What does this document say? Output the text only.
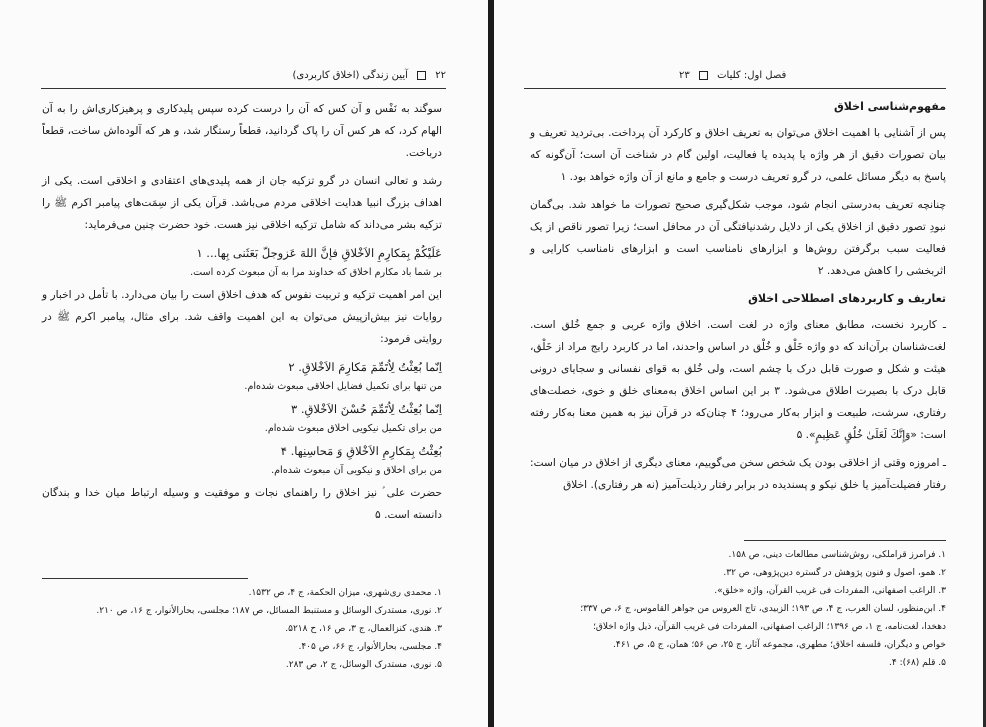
۲۲  آیین زندگی (اخلاق کاربردی)

سوگند به نَفْس و آن کس که آن را درست کرده سپس پلیدکاری و پرهیزکاری‌اش را به آن الهام کرد، که هر کس آن را پاک گردانید، قطعاً رستگار شد، و هر که آلوده‌اش ساخت، قطعاً درباخت.

رشد و تعالی انسان در گرو تزکیه جان از همه پلیدی‌های اعتقادی و اخلاقی است. یکی از اهداف بزرگ انبیا هدایت اخلاقی مردم می‌باشد. قرآن یکی از سِمَت‌های پیامبر اکرم ﷺ را تزکیه بشر می‌داند که شامل تزکیه اخلاقی نیز هست. خود حضرت چنین می‌فرماید:

عَلَیْکُمْ بِمَکارِمِ الاَخْلاقِ فإنَّ اللهَ عَزوجلّ بَعَثَنی بِها... ۱

بر شما باد مکارم اخلاق که خداوند مرا به آن مبعوث کرده است.

این امر اهمیت تزکیه و تربیت نفوس که هدف اخلاق است را بیان می‌دارد. با تأمل در اخبار و روایات نیز بیش‌ازپیش می‌توان به این اهمیت واقف شد. برای مثال، پیامبر اکرم ﷺ در روایتی فرمود:

اِنّما بُعِثْتُ لِاُتَمِّمَ مَکارِمَ الاَخْلاقِ. ۲

من تنها برای تکمیل فضایل اخلاقی مبعوث شده‌ام.

اِنّما بُعِثْتُ لِاُتَمِّمَ حُسْنَ الاَخْلاقِ. ۳

من برای تکمیل نیکویی اخلاق مبعوث شده‌ام.

بُعِثْتُ بِمَکارِمِ الاَخْلاقِ وَ مَحاسِنِها. ۴

من برای اخلاق و نیکویی آن مبعوث شده‌ام.

حضرت علی ؑ نیز اخلاق را راهنمای نجات و موفقیت و وسیله ارتباط میان خدا و بندگان دانسته است. ۵

۱. محمدی ری‌شهری، میزان الحکمة، ج ۴، ص ۱۵۳۲.
۲. نوری، مستدرک الوسائل و مستنبط المسائل، ص ۱۸۷؛ مجلسی، بحارالأنوار، ج ۱۶، ص ۲۱۰.
۳. هندی، کنزالعمال، ج ۳، ص ۱۶، ح ۵۲۱۸.
۴. مجلسی، بحارالأنوار، ج ۶۶، ص ۴۰۵.
۵. نوری، مستدرک الوسائل، ج ۲، ص ۲۸۳.
فصل اول: کلیات  ۲۳

مفهوم‌شناسی اخلاق

پس از آشنایی با اهمیت اخلاق می‌توان به تعریف اخلاق و کارکرد آن پرداخت. بی‌تردید تعریف و بیان تصورات دقیق از هر واژه یا پدیده یا فعالیت، اولین گام در شناخت آن است؛ آن‌گونه که پاسخ به دیگر مسائل علمی، در گرو تعریف درست و جامع و مانع از آن واژه خواهد بود. ۱

چنانچه تعریف به‌درستی انجام شود، موجب شکل‌گیری صحیح تصورات ما خواهد شد. بی‌گمان نبودِ تصور دقیق از اخلاق یکی از دلایل رشدنیافتگی آن در محافل است؛ زیرا تصور ناقص از یک فعالیت سبب برگرفتن روش‌ها و ابزارهای نامناسب است و ابزارهای نامناسب کارایی و اثربخشی را کاهش می‌دهد. ۲

تعاریف و کاربردهای اصطلاحی اخلاق

ـ کاربرد نخست، مطابق معنای واژه در لغت است. اخلاق واژه عربی و جمع خُلق است. لغت‌شناسان برآن‌اند که دو واژه خَلْق و خُلْق در اساس واحدند، اما در کاربرد رایج مراد از خَلْق، هیئت و شکل و صورت قابل درک با چشم است، ولی خُلق به قوای نفسانی و سجایای درونی قابل درک با بصیرت اطلاق می‌شود. ۳ بر این اساس اخلاق به‌معنای خلق و خوی، خصلت‌های رفتاری، سرشت، طبیعت و ابزار به‌کار می‌رود؛ ۴ چنان‌که در قرآن نیز به همین معنا به‌کار رفته است: «وَإِنَّكَ لَعَلَىٰ خُلُقٍ عَظِيمٍ». ۵

ـ امروزه وقتی از اخلاقی بودن یک شخص سخن می‌گوییم، معنای دیگری از اخلاق در میان است: رفتار فضیلت‌آمیز یا خلق نیکو و پسندیده در برابر رفتار رذیلت‌آمیز (نه هر رفتاری). اخلاق

۱. فرامرز قراملکی، روش‌شناسی مطالعات دینی، ص ۱۵۸.
۲. همو، اصول و فنون پژوهش در گستره دین‌پژوهی، ص ۳۲.
۳. الراغب اصفهانی، المفردات فی غریب القرآن، واژه «خلق».
۴. ابن‌منظور، لسان العرب، ج ۴، ص ۱۹۳؛ الزبیدی، تاج العروس من جواهر القاموس، ج ۶، ص ۳۳۷؛
دهخدا، لغت‌نامه، ج ۱، ص ۱۳۹۶؛ الراغب اصفهانی، المفردات فی غریب القرآن، ذیل واژه اخلاق؛
خواص و دیگران، فلسفه اخلاق؛ مطهری، مجموعه آثار، ج ۲۵، ص ۵۶؛ همان، ج ۵، ص ۴۶۱.
۵. قلم (۶۸): ۴.
